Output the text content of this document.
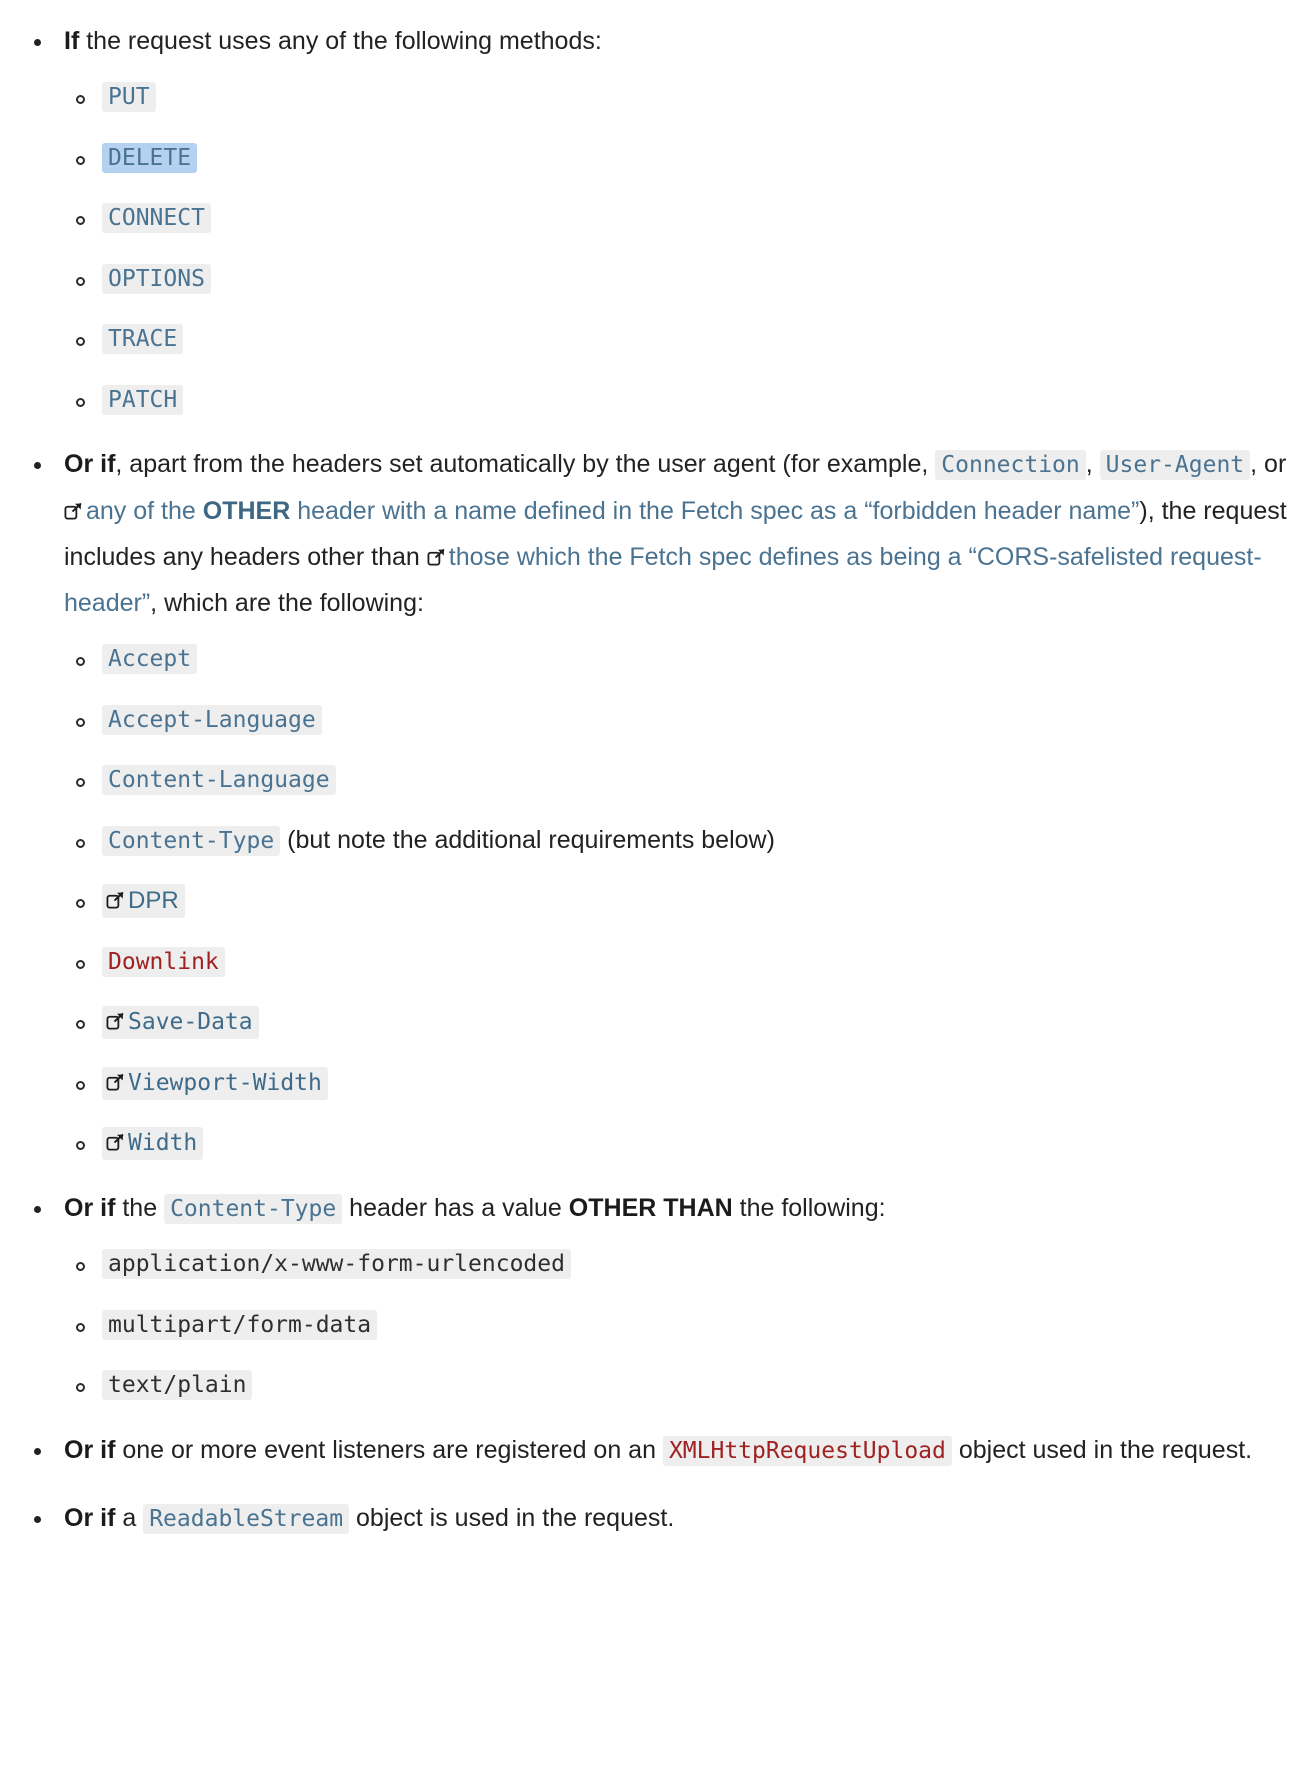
If the request uses any of the following methods:
PUT
DELETE
CONNECT
OPTIONS
TRACE
PATCH
Or if, apart from the headers set automatically by the user agent (for example, Connection , User-Agent , or
any of the OTHER header with a name defined in the Fetch spec as a “forbidden header name”), the request includes any headers other than
those which the Fetch spec defines as being a “CORS-safelisted request-header”, which are the following:
Accept
Accept-Language
Content-Language
Content-Type (but note the additional requirements below)
DPR
Downlink
Save-Data
Viewport-Width
Width
Or if the Content-Type header has a value OTHER THAN the following:
application/x-www-form-urlencoded
multipart/form-data
text/plain
Or if one or more event listeners are registered on an XMLHttpRequestUpload object used in the request.
Or if a ReadableStream object is used in the request.
